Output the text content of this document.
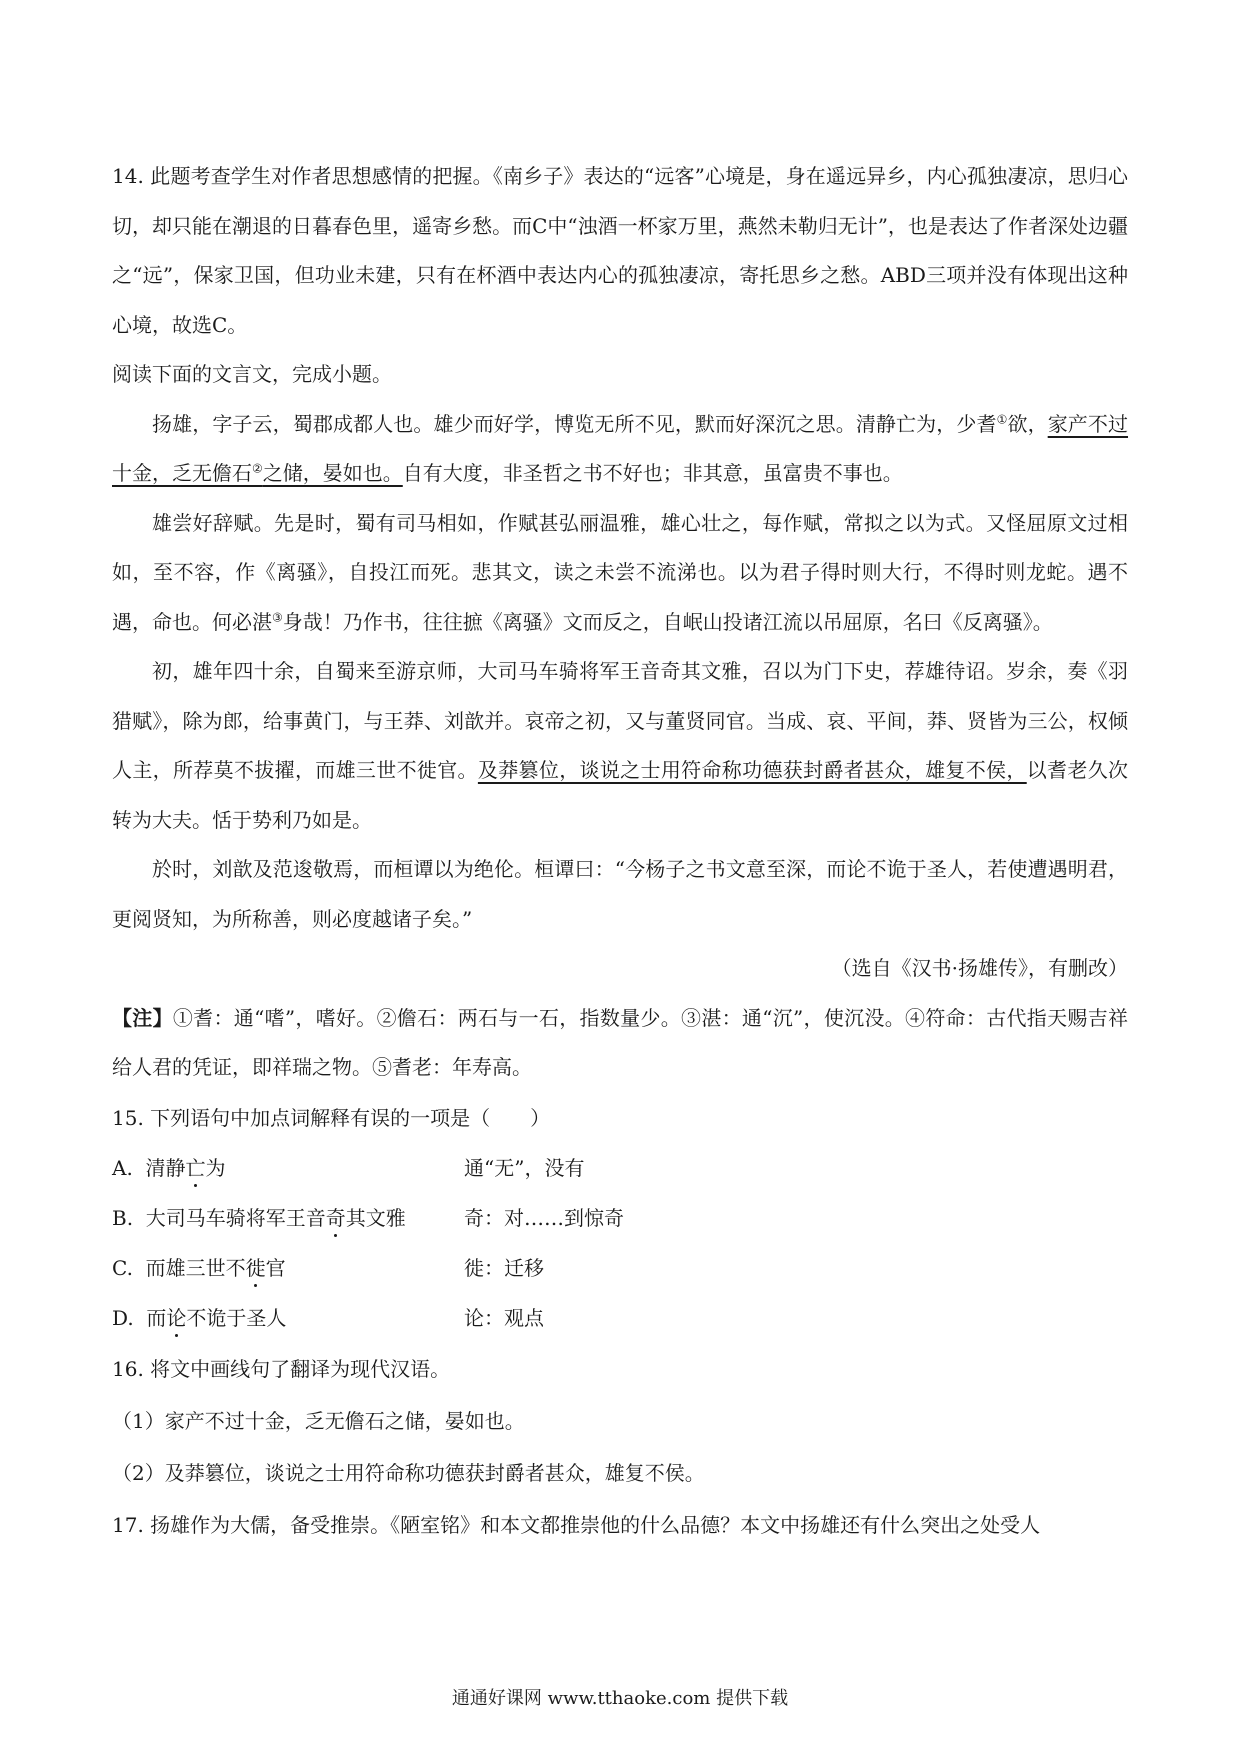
14. 此题考查学生对作者思想感情的把握。《南乡子》表达的“远客”心境是，身在遥远异乡，内心孤独凄凉，思归心切，却只能在潮退的日暮春色里，遥寄乡愁。而C中“浊酒一杯家万里，燕然未勒归无计”，也是表达了作者深处边疆之“远”，保家卫国，但功业未建，只有在杯酒中表达内心的孤独凄凉，寄托思乡之愁。ABD三项并没有体现出这种心境，故选C。

阅读下面的文言文，完成小题。

扬雄，字子云，蜀郡成都人也。雄少而好学，博览无所不见，默而好深沉之思。清静亡为，少耆①欲，家产不过十金，乏无儋石②之储，晏如也。自有大度，非圣哲之书不好也；非其意，虽富贵不事也。

雄尝好辞赋。先是时，蜀有司马相如，作赋甚弘丽温雅，雄心壮之，每作赋，常拟之以为式。又怪屈原文过相如，至不容，作《离骚》，自投江而死。悲其文，读之未尝不流涕也。以为君子得时则大行，不得时则龙蛇。遇不遇，命也。何必湛③身哉！乃作书，往往摭《离骚》文而反之，自岷山投诸江流以吊屈原，名曰《反离骚》。

初，雄年四十余，自蜀来至游京师，大司马车骑将军王音奇其文雅，召以为门下史，荐雄待诏。岁余，奏《羽猎赋》，除为郎，给事黄门，与王莽、刘歆并。哀帝之初，又与董贤同官。当成、哀、平间，莽、贤皆为三公，权倾人主，所荐莫不拔擢，而雄三世不徙官。及莽篡位，谈说之士用符命称功德获封爵者甚众，雄复不侯，以耆老久次转为大夫。恬于势利乃如是。

於时，刘歆及范逡敬焉，而桓谭以为绝伦。桓谭曰：“今杨子之书文意至深，而论不诡于圣人，若使遭遇明君，更阅贤知，为所称善，则必度越诸子矣。”

（选自《汉书·扬雄传》，有删改）

【注】①耆：通“嗜”，嗜好。②儋石：两石与一石，指数量少。③湛：通“沉”，使沉没。④符命：古代指天赐吉祥给人君的凭证，即祥瑞之物。⑤耆老：年寿高。

15. 下列语句中加点词解释有误的一项是（　　）

A. 清静亡为	通“无”，没有
B. 大司马车骑将军王音奇其文雅	奇：对……到惊奇
C. 而雄三世不徙官	徙：迁移
D. 而论不诡于圣人	论：观点

16. 将文中画线句了翻译为现代汉语。

（1）家产不过十金，乏无儋石之储，晏如也。

（2）及莽篡位，谈说之士用符命称功德获封爵者甚众，雄复不侯。

17. 扬雄作为大儒，备受推崇。《陋室铭》和本文都推崇他的什么品德？本文中扬雄还有什么突出之处受人

通通好课网 www.tthaoke.com 提供下载
